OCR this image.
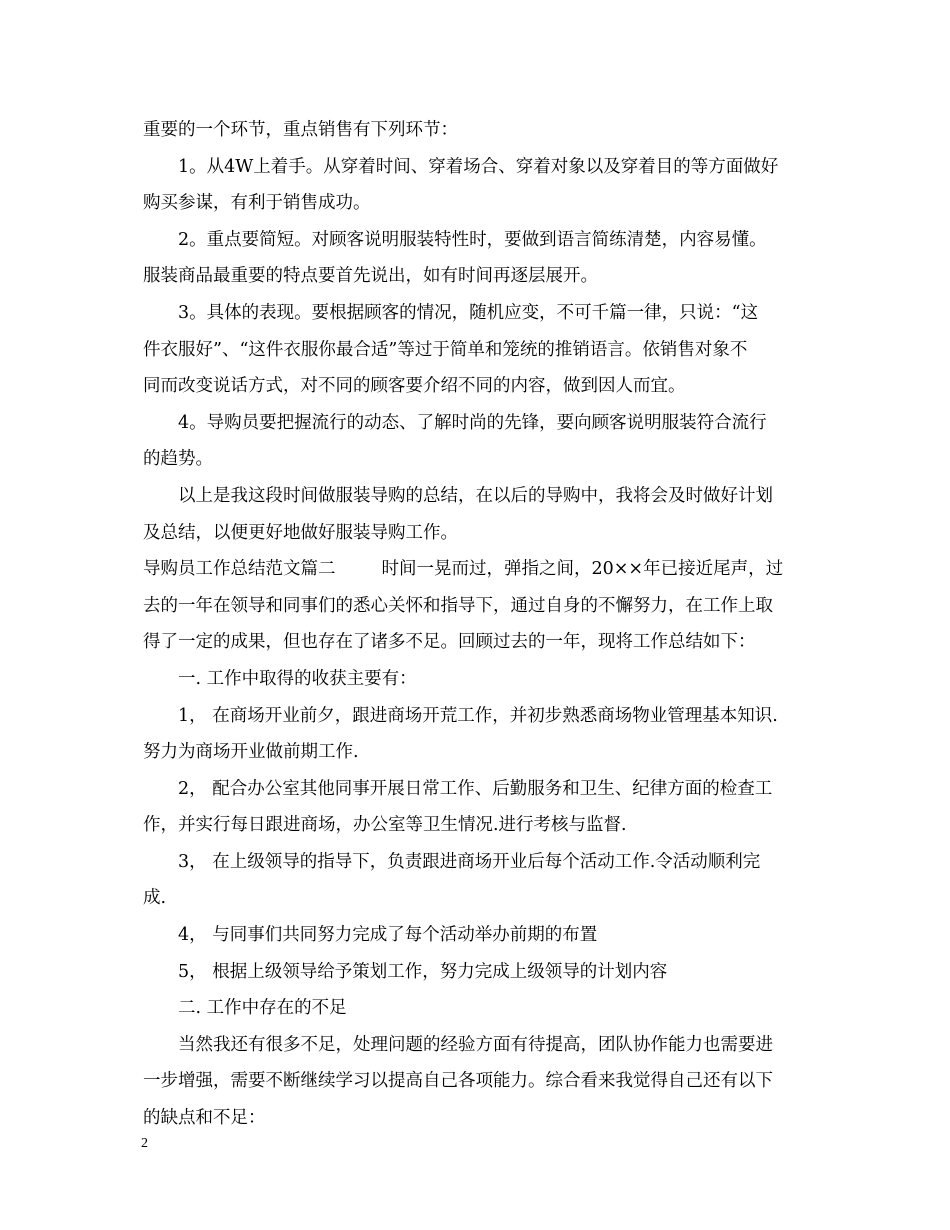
重要的一个环节，重点销售有下列环节：
1。从4W上着手。从穿着时间、穿着场合、穿着对象以及穿着目的等方面做好
购买参谋，有利于销售成功。
2。重点要简短。对顾客说明服装特性时，要做到语言简练清楚，内容易懂。
服装商品最重要的特点要首先说出，如有时间再逐层展开。
3。具体的表现。要根据顾客的情况，随机应变，不可千篇一律，只说：“这
件衣服好”、“这件衣服你最合适”等过于简单和笼统的推销语言。依销售对象不
同而改变说话方式，对不同的顾客要介绍不同的内容，做到因人而宜。
4。导购员要把握流行的动态、了解时尚的先锋，要向顾客说明服装符合流行
的趋势。
以上是我这段时间做服装导购的总结，在以后的导购中，我将会及时做好计划
及总结，以便更好地做好服装导购工作。
导购员工作总结范文篇二	时间一晃而过，弹指之间，20××年已接近尾声，过
去的一年在领导和同事们的悉心关怀和指导下，通过自身的不懈努力，在工作上取
得了一定的成果，但也存在了诸多不足。回顾过去的一年，现将工作总结如下：
一. 工作中取得的收获主要有：
1， 在商场开业前夕，跟进商场开荒工作，并初步熟悉商场物业管理基本知识.
努力为商场开业做前期工作.
2， 配合办公室其他同事开展日常工作、后勤服务和卫生、纪律方面的检查工
作，并实行每日跟进商场，办公室等卫生情况.进行考核与监督.
3， 在上级领导的指导下，负责跟进商场开业后每个活动工作.令活动顺利完
成.
4， 与同事们共同努力完成了每个活动举办前期的布置
5， 根据上级领导给予策划工作，努力完成上级领导的计划内容
二. 工作中存在的不足
当然我还有很多不足，处理问题的经验方面有待提高，团队协作能力也需要进
一步增强，需要不断继续学习以提高自己各项能力。综合看来我觉得自己还有以下
的缺点和不足：
2
